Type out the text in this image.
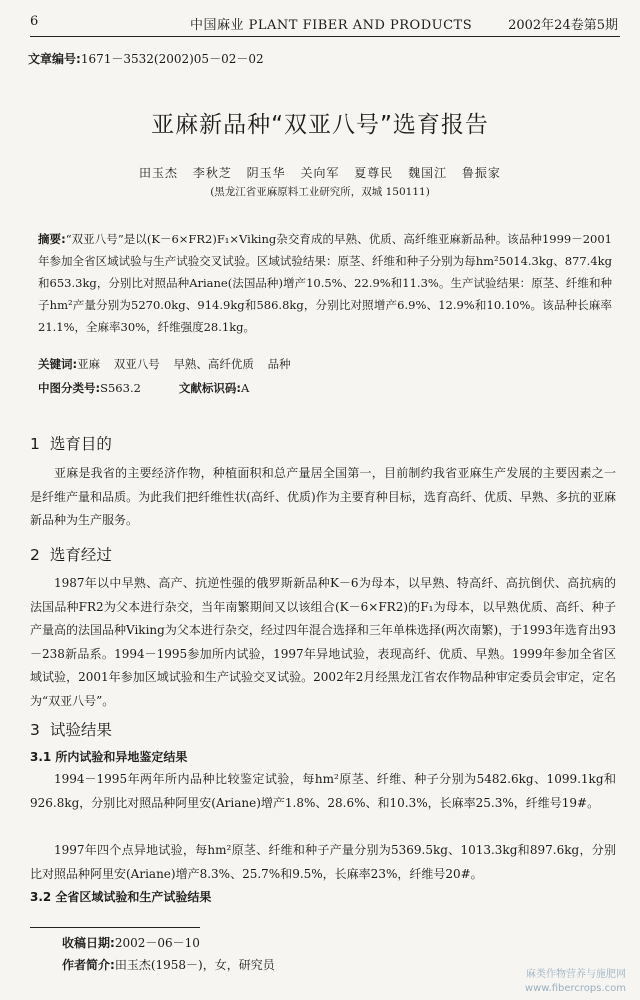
6	中国麻业 PLANT FIBER AND PRODUCTS	2002年24卷第5期
文章编号:1671－3532(2002)05－02－02
亚麻新品种“双亚八号”选育报告
田玉杰 李秋芝 阴玉华 关向军 夏尊民 魏国江 鲁振家
(黑龙江省亚麻原料工业研究所，双城 150111)
摘要:“双亚八号”是以(K－6×FR2)F₁×Viking杂交育成的早熟、优质、高纤维亚麻新品种。该品种1999－2001年参加全省区域试验与生产试验交叉试验。区域试验结果：原茎、纤维和种子分别为每hm²5014.3kg、877.4kg和653.3kg，分别比对照品种Ariane(法国品种)增产10.5%、22.9%和11.3%。生产试验结果：原茎、纤维和种子hm²产量分别为5270.0kg、914.9kg和586.8kg，分别比对照增产6.9%、12.9%和10.10%。该品种长麻率21.1%，全麻率30%，纤维强度28.1kg。
关键词:亚麻 双亚八号 早熟、高纤优质 品种
中图分类号:S563.2	文献标识码:A
1 选育目的
亚麻是我省的主要经济作物，种植面积和总产量居全国第一，目前制约我省亚麻生产发展的主要因素之一是纤维产量和品质。为此我们把纤维性状(高纤、优质)作为主要育种目标，选育高纤、优质、早熟、多抗的亚麻新品种为生产服务。
2 选育经过
1987年以中早熟、高产、抗逆性强的俄罗斯新品种K－6为母本，以早熟、特高纤、高抗倒伏、高抗病的法国品种FR2为父本进行杂交，当年南繁期间又以该组合(K－6×FR2)的F₁为母本，以早熟优质、高纤、种子产量高的法国品种Viking为父本进行杂交，经过四年混合选择和三年单株选择(两次南繁)，于1993年选育出93－238新品系。1994－1995参加所内试验，1997年异地试验，表现高纤、优质、早熟。1999年参加全省区域试验，2001年参加区域试验和生产试验交叉试验。2002年2月经黑龙江省农作物品种审定委员会审定，定名为“双亚八号”。
3 试验结果
3.1 所内试验和异地鉴定结果
1994－1995年两年所内品种比较鉴定试验，每hm²原茎、纤维、种子分别为5482.6kg、1099.1kg和926.8kg，分别比对照品种阿里安(Ariane)增产1.8%、28.6%、和10.3%，长麻率25.3%，纤维号19#。
1997年四个点异地试验，每hm²原茎、纤维和种子产量分别为5369.5kg、1013.3kg和897.6kg，分别比对照品种阿里安(Ariane)增产8.3%、25.7%和9.5%，长麻率23%，纤维号20#。
3.2 全省区域试验和生产试验结果
收稿日期:2002－06－10
作者简介:田玉杰(1958－)，女，研究员
麻类作物营养与施肥网
www.fibercrops.com
